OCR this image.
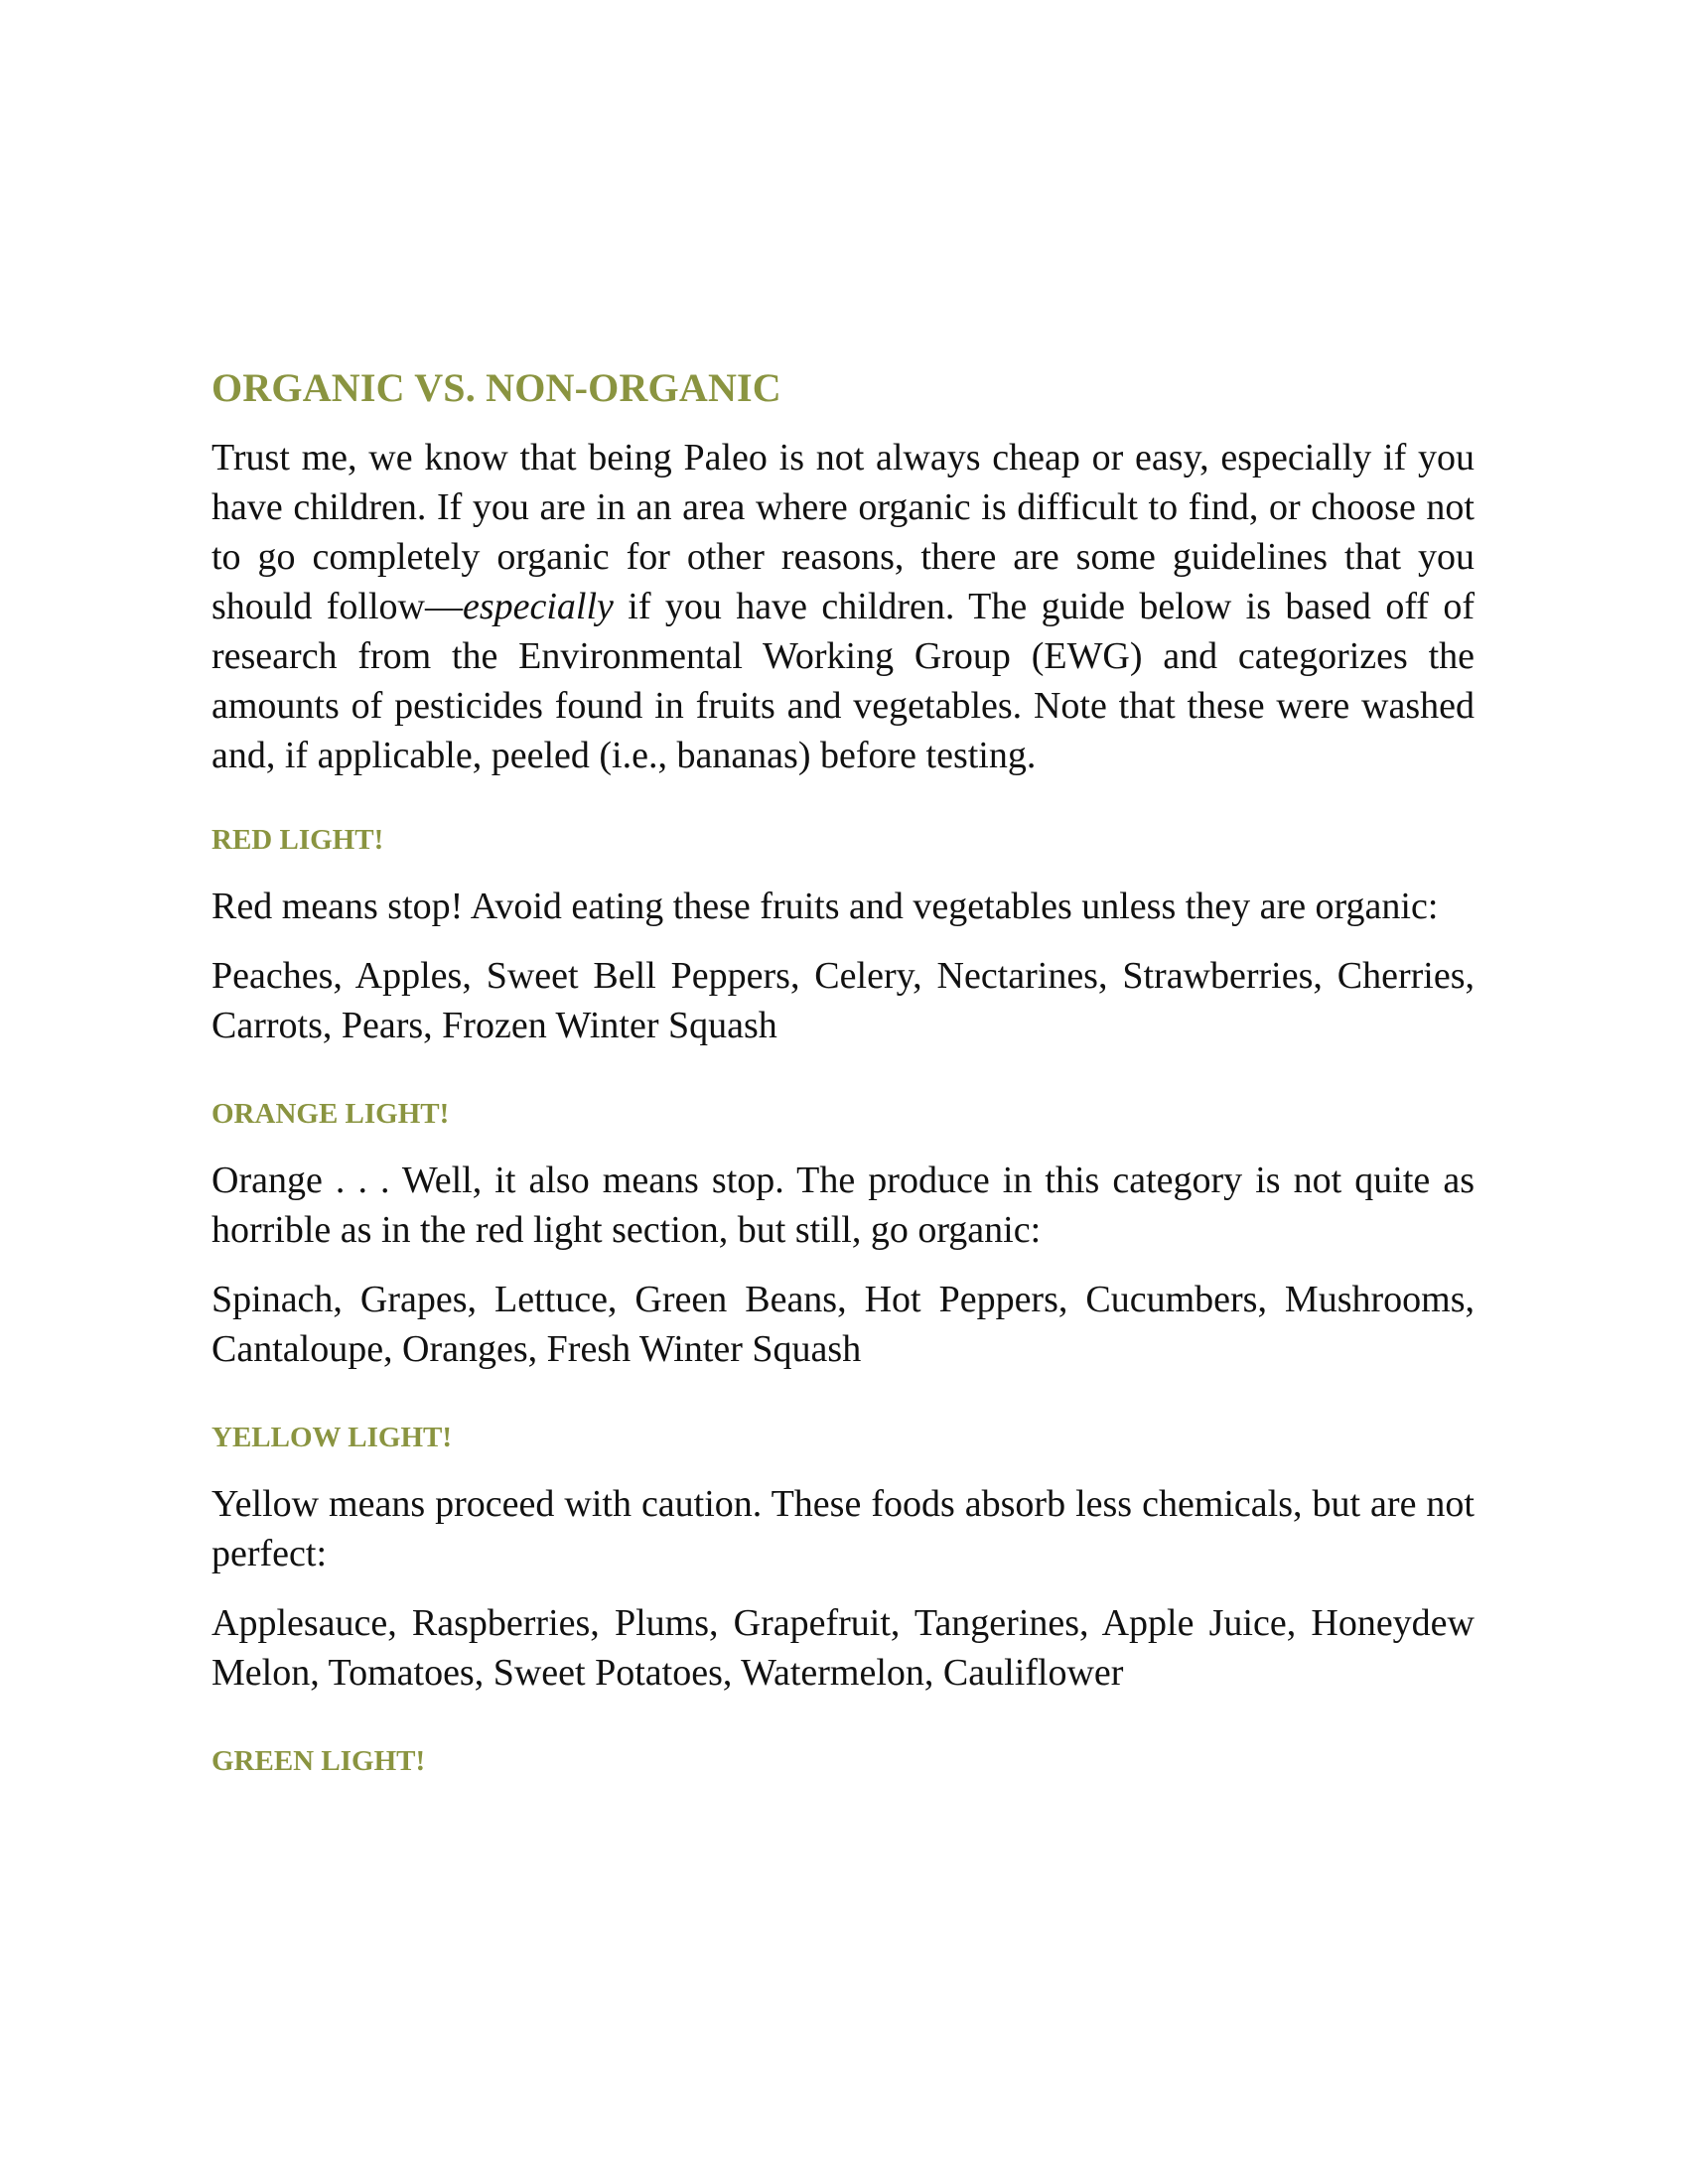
ORGANIC VS. NON-ORGANIC

Trust me, we know that being Paleo is not always cheap or easy, especially if you have children. If you are in an area where organic is difficult to find, or choose not to go completely organic for other reasons, there are some guidelines that you should follow—especially if you have children. The guide below is based off of research from the Environmental Working Group (EWG) and categorizes the amounts of pesticides found in fruits and vegetables. Note that these were washed and, if applicable, peeled (i.e., bananas) before testing.

RED LIGHT!

Red means stop! Avoid eating these fruits and vegetables unless they are organic:

Peaches, Apples, Sweet Bell Peppers, Celery, Nectarines, Strawberries, Cherries, Carrots, Pears, Frozen Winter Squash

ORANGE LIGHT!

Orange . . . Well, it also means stop. The produce in this category is not quite as horrible as in the red light section, but still, go organic:

Spinach, Grapes, Lettuce, Green Beans, Hot Peppers, Cucumbers, Mushrooms, Cantaloupe, Oranges, Fresh Winter Squash

YELLOW LIGHT!

Yellow means proceed with caution. These foods absorb less chemicals, but are not perfect:

Applesauce, Raspberries, Plums, Grapefruit, Tangerines, Apple Juice, Honeydew Melon, Tomatoes, Sweet Potatoes, Watermelon, Cauliflower

GREEN LIGHT!
